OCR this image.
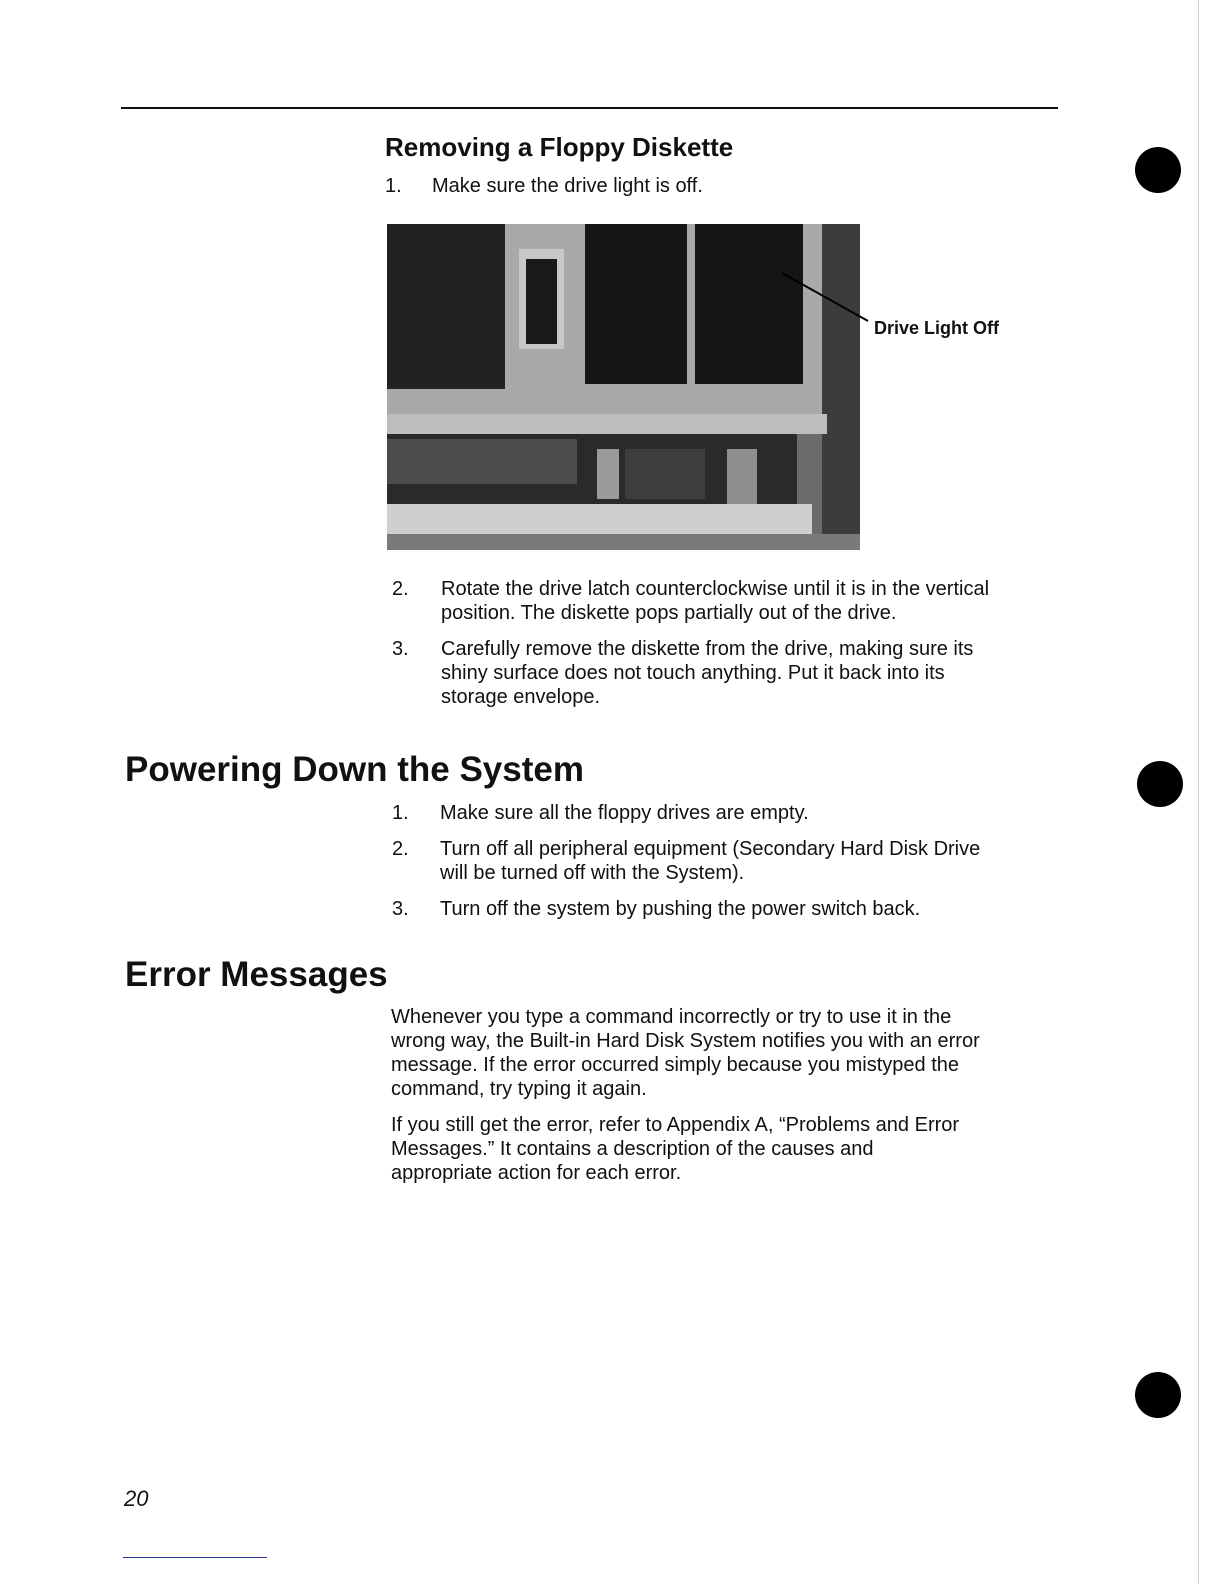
Removing a Floppy Diskette
1. Make sure the drive light is off.
Drive Light Off
2. Rotate the drive latch counterclockwise until it is in the vertical
position. The diskette pops partially out of the drive.
3. Carefully remove the diskette from the drive, making sure its
shiny surface does not touch anything. Put it back into its
storage envelope.
Powering Down the System
1. Make sure all the floppy drives are empty.
2. Turn off all peripheral equipment (Secondary Hard Disk Drive
will be turned off with the System).
3. Turn off the system by pushing the power switch back.
Error Messages
Whenever you type a command incorrectly or try to use it in the
wrong way, the Built-in Hard Disk System notifies you with an error
message. If the error occurred simply because you mistyped the
command, try typing it again.
If you still get the error, refer to Appendix A, “Problems and Error
Messages.” It contains a description of the causes and
appropriate action for each error.
20
